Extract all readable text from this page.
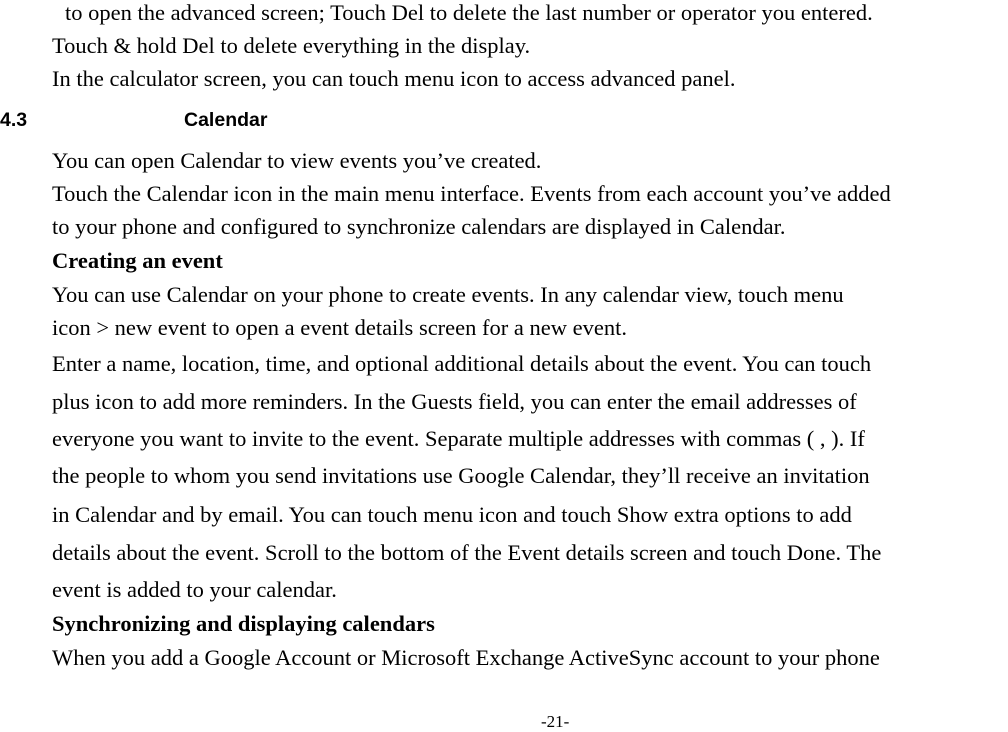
to open the advanced screen; Touch Del to delete the last number or operator you entered.
Touch & hold Del to delete everything in the display.
In the calculator screen, you can touch menu icon to access advanced panel.
4.3	Calendar
You can open Calendar to view events you’ve created.
Touch the Calendar icon in the main menu interface. Events from each account you’ve added
to your phone and configured to synchronize calendars are displayed in Calendar.
Creating an event
You can use Calendar on your phone to create events. In any calendar view, touch menu
icon > new event to open a event details screen for a new event.
Enter a name, location, time, and optional additional details about the event. You can touch
plus icon to add more reminders. In the Guests field, you can enter the email addresses of
everyone you want to invite to the event. Separate multiple addresses with commas ( , ). If
the people to whom you send invitations use Google Calendar, they’ll receive an invitation
in Calendar and by email. You can touch menu icon and touch Show extra options to add
details about the event. Scroll to the bottom of the Event details screen and touch Done. The
event is added to your calendar.
Synchronizing and displaying calendars
When you add a Google Account or Microsoft Exchange ActiveSync account to your phone
-21-
